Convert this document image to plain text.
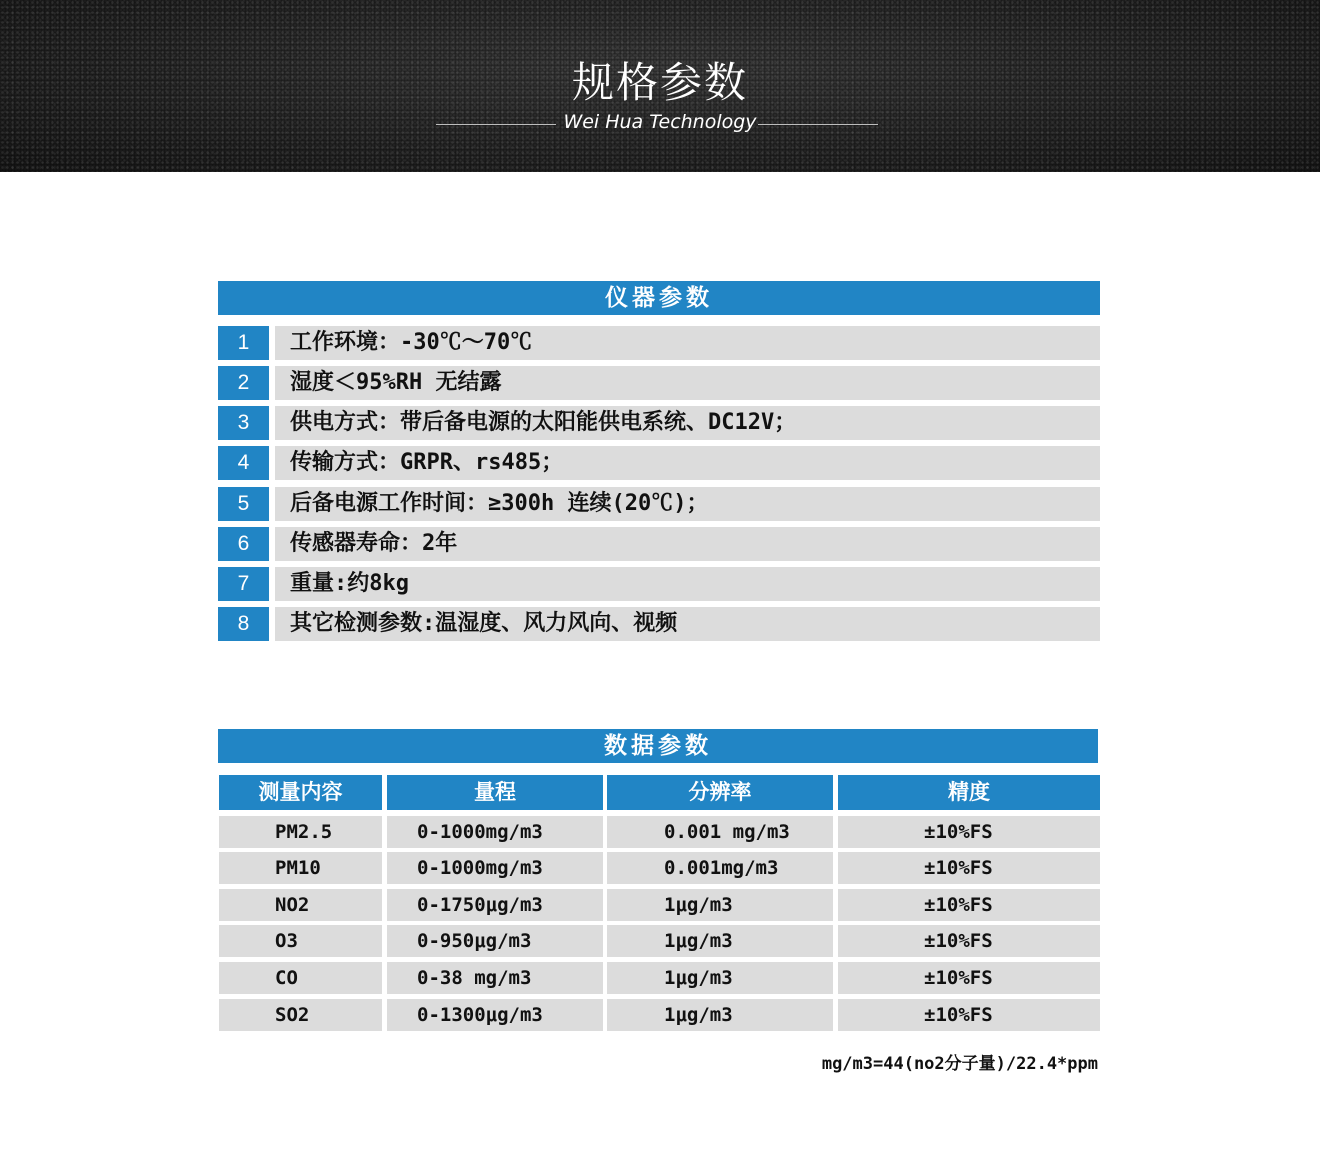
规格参数
Wei Hua Technology
仪器参数
1	工作环境：-30℃～70℃
2	湿度＜95%RH 无结露
3	供电方式：带后备电源的太阳能供电系统、DC12V；
4	传输方式：GRPR、rs485；
5	后备电源工作时间：≥300h 连续(20℃)；
6	传感器寿命：2年
7	重量:约8kg
8	其它检测参数:温湿度、风力风向、视频
数据参数
测量内容	量程	分辨率	精度
PM2.5	0-1000mg/m3	0.001 mg/m3	±10%FS
PM10	0-1000mg/m3	0.001mg/m3	±10%FS
NO2	0-1750μg/m3	1μg/m3	±10%FS
O3	0-950μg/m3	1μg/m3	±10%FS
CO	0-38 mg/m3	1μg/m3	±10%FS
SO2	0-1300μg/m3	1μg/m3	±10%FS
mg/m3=44(no2分子量)/22.4*ppm
